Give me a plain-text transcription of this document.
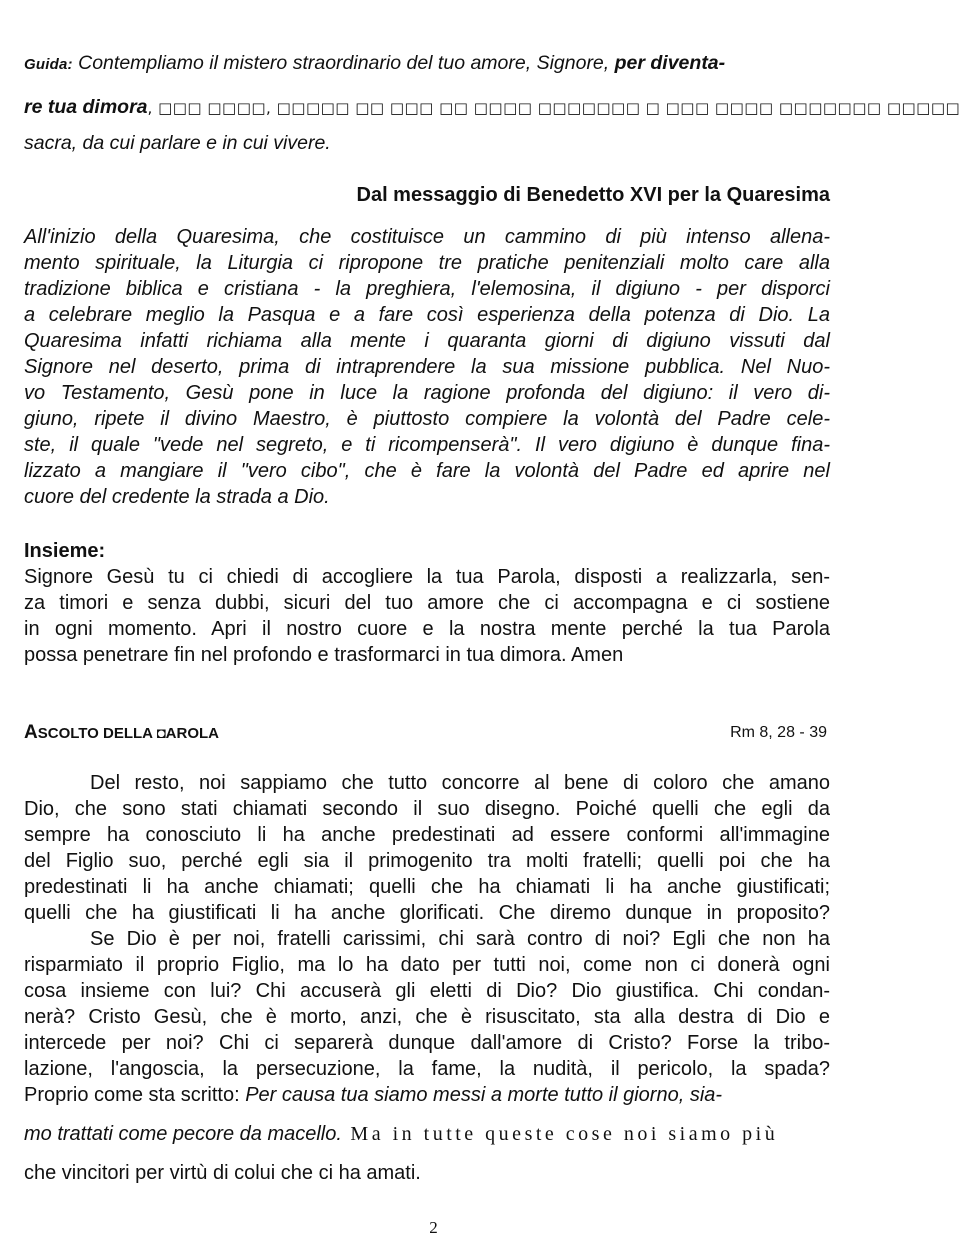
Guida: Contempliamo il mistero straordinario del tuo amore, Signore, per diventa-
re tua dimora, □□□ □□□□, □□□□□ □□ □□□ □□ □□□□ □□□□□□□ □ □□□ □□□□ □□□□□□□ □□□□□
sacra, da cui parlare e in cui vivere.
Dal messaggio di Benedetto XVI per la Quaresima
All'inizio della Quaresima, che costituisce un cammino di più intenso allena-
mento spirituale, la Liturgia ci ripropone tre pratiche penitenziali molto care alla
tradizione biblica e cristiana - la preghiera, l'elemosina, il digiuno - per disporci
a celebrare meglio la Pasqua e a fare così esperienza della potenza di Dio. La
Quaresima infatti richiama alla mente i quaranta giorni di digiuno vissuti dal
Signore nel deserto, prima di intraprendere la sua missione pubblica. Nel Nuo-
vo Testamento, Gesù pone in luce la ragione profonda del digiuno: il vero di-
giuno, ripete il divino Maestro, è piuttosto compiere la volontà del Padre cele-
ste, il quale "vede nel segreto, e ti ricompenserà". Il vero digiuno è dunque fina-
lizzato a mangiare il "vero cibo", che è fare la volontà del Padre ed aprire nel
cuore del credente la strada a Dio.
Insieme:
Signore Gesù tu ci chiedi di accogliere la tua Parola, disposti a realizzarla, sen-
za timori e senza dubbi, sicuri del tuo amore che ci accompagna e ci sostiene
in ogni momento. Apri il nostro cuore e la nostra mente perché la tua Parola
possa penetrare fin nel profondo e trasformarci in tua dimora. Amen
ASCOLTO DELLA ◘AROLA	Rm 8, 28 - 39
Del resto, noi sappiamo che tutto concorre al bene di coloro che amano
Dio, che sono stati chiamati secondo il suo disegno. Poiché quelli che egli da
sempre ha conosciuto li ha anche predestinati ad essere conformi all'immagine
del Figlio suo, perché egli sia il primogenito tra molti fratelli; quelli poi che ha
predestinati li ha anche chiamati; quelli che ha chiamati li ha anche giustificati;
quelli che ha giustificati li ha anche glorificati. Che diremo dunque in proposito?
Se Dio è per noi, fratelli carissimi, chi sarà contro di noi? Egli che non ha
risparmiato il proprio Figlio, ma lo ha dato per tutti noi, come non ci donerà ogni
cosa insieme con lui? Chi accuserà gli eletti di Dio? Dio giustifica. Chi condan-
nerà? Cristo Gesù, che è morto, anzi, che è risuscitato, sta alla destra di Dio e
intercede per noi? Chi ci separerà dunque dall'amore di Cristo? Forse la tribo-
lazione, l'angoscia, la persecuzione, la fame, la nudità, il pericolo, la spada?
Proprio come sta scritto: Per causa tua siamo messi a morte tutto il giorno, sia-
mo trattati come pecore da macello. Ma in tutte queste cose noi siamo più
che vincitori per virtù di colui che ci ha amati.
2
